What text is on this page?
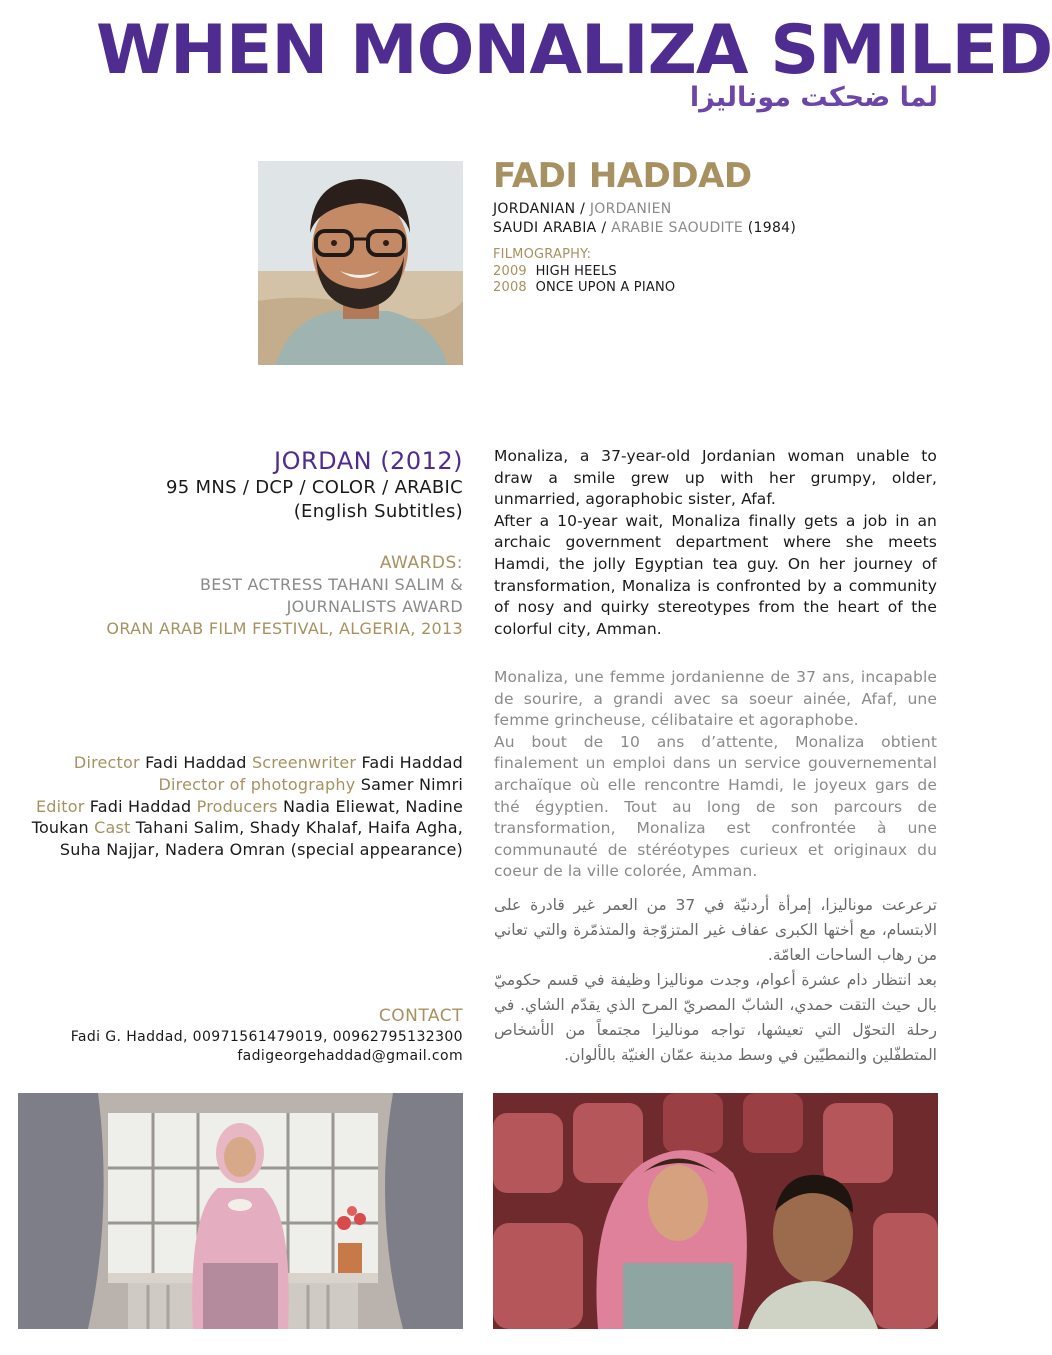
WHEN MONALIZA SMILED
لما ضحكت موناليزا
FADI HADDAD
JORDANIAN / JORDANIEN
SAUDI ARABIA / ARABIE SAOUDITE (1984)
FILMOGRAPHY:
2009 HIGH HEELS
2008 ONCE UPON A PIANO
JORDAN (2012)
95 MNS / DCP / COLOR / ARABIC
(English Subtitles)
AWARDS:
BEST ACTRESS TAHANI SALIM &
JOURNALISTS AWARD
ORAN ARAB FILM FESTIVAL, ALGERIA, 2013
Director Fadi Haddad Screenwriter Fadi Haddad
Director of photography Samer Nimri
Editor Fadi Haddad Producers Nadia Eliewat, Nadine Toukan Cast Tahani Salim, Shady Khalaf, Haifa Agha, Suha Najjar, Nadera Omran (special appearance)
CONTACT
Fadi G. Haddad, 00971561479019, 00962795132300
fadigeorgehaddad@gmail.com

Monaliza, a 37-year-old Jordanian woman unable to draw a smile grew up with her grumpy, older, unmarried, agoraphobic sister, Afaf.

After a 10-year wait, Monaliza finally gets a job in an archaic government department where she meets Hamdi, the jolly Egyptian tea guy. On her journey of transformation, Monaliza is confronted by a community of nosy and quirky stereotypes from the heart of the colorful city, Amman.

Monaliza, une femme jordanienne de 37 ans, incapable de sourire, a grandi avec sa soeur ainée, Afaf, une femme grincheuse, célibataire et agoraphobe.

Au bout de 10 ans d’attente, Monaliza obtient finalement un emploi dans un service gouvernemental archaïque où elle rencontre Hamdi, le joyeux gars de thé égyptien. Tout au long de son parcours de transformation, Monaliza est confrontée à une communauté de stéréotypes curieux et originaux du coeur de la ville colorée, Amman.

ترعرعت موناليزا، إمرأة أردنيّة في 37 من العمر غير قادرة على الابتسام، مع أختها الكبرى عفاف غير المتزوّجة والمتذمّرة والتي تعاني من رهاب الساحات العامّة.

بعد انتظار دام عشرة أعوام، وجدت موناليزا وظيفة في قسم حكوميّ بال حيث التقت حمدي، الشابّ المصريّ المرح الذي يقدّم الشاي. في رحلة التحوّل التي تعيشها، تواجه موناليزا مجتمعاً من الأشخاص المتطفّلين والنمطيّين في وسط مدينة عمّان الغنيّة بالألوان.
